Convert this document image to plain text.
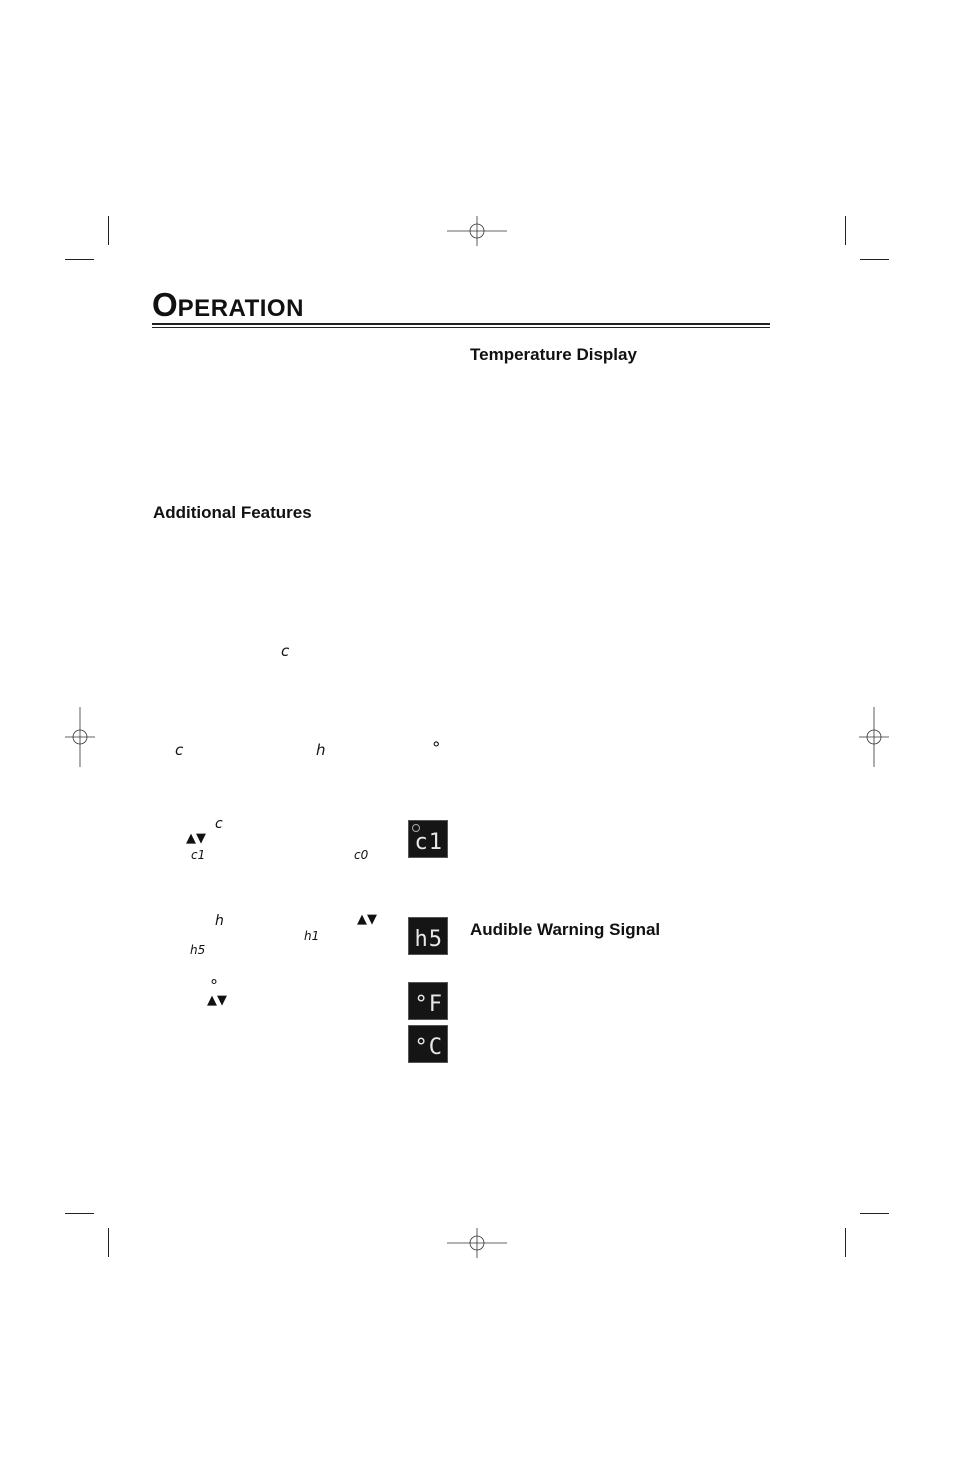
OPERATION
Temperature Display
Additional Features
Audible Warning Signal
c
c	h	°
c
▲▼
c1	c0
h	▲▼
h1
h5
°
▲▼
c1
h5
°F
°C
